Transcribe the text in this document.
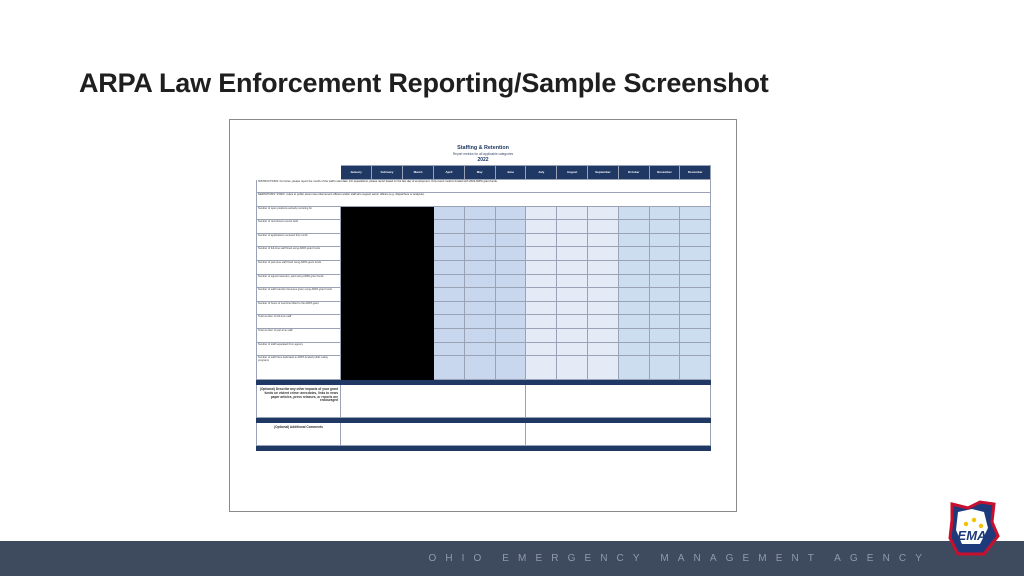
ARPA Law Enforcement Reporting/Sample Screenshot
Staffing & Retention
Report metrics for all applicable categories
2022
	January	February	March	April	May	June	July	August	September	October	November	December
INSTRUCTIONS: For Hires, please report the month of the staff's start date. For separations, please report based on the last day of employment. Only report metrics funded with 2022 ARPA grant funds.												
DEFINITIONS: STAFF: refers to public sworn law enforcement officers and/or staff who support sworn officers (e.g. dispatchers or analysts).												
Number of open positions actively recruiting for												
Number of recruitment events held												
Number of applications received this month												
Number of full-time staff hired using ARPA grant funds												
Number of part-time staff hired using ARPA grant funds												
Number of signed retention, paid using ARPA grant funds												
Number of staff retention bonuses given using ARPA grant funds												
Number of hours of overtime billed to the ARPA grant												
Total number of full-time staff												
Total number of part-time staff												
Number of staff separated from agency												
Number of staff hires dedicated to ARPA funded public safety programs												

(Optional) Describe any other impacts of your grant funds on violent crime: anecdotes, links to news paper articles, press releases, or reports are encouraged												

(Optional) Additional Comments												

OHIO EMERGENCY MANAGEMENT AGENCY
EMA
